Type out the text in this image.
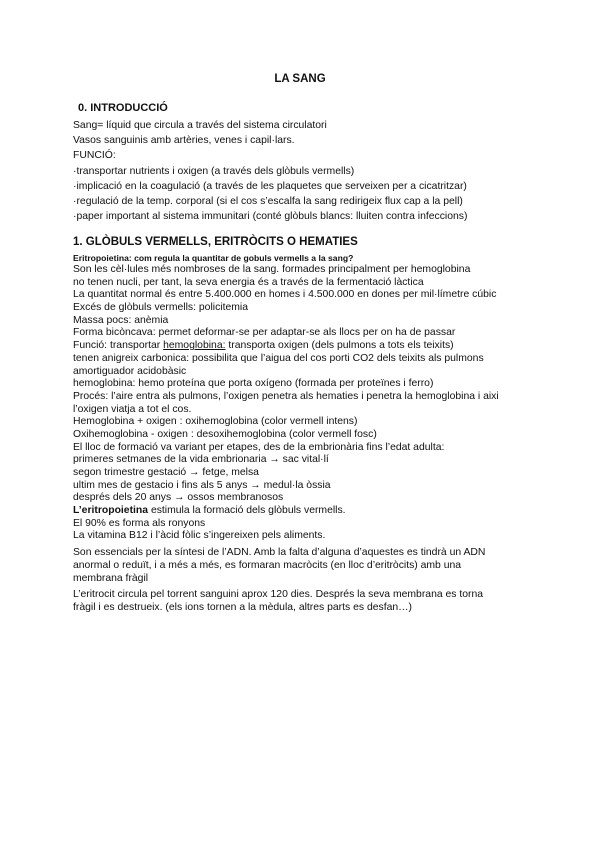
LA SANG
0. INTRODUCCIÓ
Sang= líquid que circula a través del sistema circulatori
Vasos sanguinis amb artèries, venes i capil·lars.
FUNCIÓ:
·transportar nutrients i oxigen (a través dels glòbuls vermells)
·implicació en la coagulació (a través de les plaquetes que serveixen per a cicatritzar)
·regulació de la temp. corporal (si el cos s’escalfa la sang redirigeix flux cap a la pell)
·paper important al sistema immunitari (conté glòbuls blancs: lluiten contra infeccions)
1. GLÒBULS VERMELLS, ERITRÒCITS O HEMATIES
Eritropoietina: com regula la quantitar de gobuls vermells a la sang?
Son les cèl·lules més nombroses de la sang. formades principalment per hemoglobina
no tenen nucli, per tant, la seva energia és a través de la fermentació làctica
La quantitat normal és entre 5.400.000 en homes i 4.500.000 en dones per mil·límetre cúbic
Excés de glòbuls vermells: policitemia
Massa pocs: anèmia
Forma bicòncava: permet deformar-se per adaptar-se als llocs per on ha de passar
Funció: transportar hemoglobina: transporta oxigen (dels pulmons a tots els teixits)
tenen anigreix carbonica: possibilita que l’aigua del cos porti CO2 dels teixits als pulmons
amortiguador acidobàsic
hemoglobina: hemo proteína que porta oxígeno (formada per proteïnes i ferro)
Procés: l’aire entra als pulmons, l’oxigen penetra als hematies i penetra la hemoglobina i aixi
l’oxigen viatja a tot el cos.
Hemoglobina + oxigen : oxihemoglobina (color vermell intens)
Oxihemoglobina - oxigen : desoxihemoglobina (color vermell fosc)
El lloc de formació va variant per etapes, des de la embrionària fins l’edat adulta:
primeres setmanes de la vida embrionaria → sac vital·lí
segon trimestre gestació → fetge, melsa
ultim mes de gestacio i fins als 5 anys → medul·la òssia
després dels 20 anys → ossos membranosos
L’eritropoietina estimula la formació dels glòbuls vermells.
El 90% es forma als ronyons
La vitamina B12 i l’àcid fòlic s’ingereixen pels aliments.
Son essencials per la síntesi de l’ADN. Amb la falta d’alguna d’aquestes es tindrà un ADN
anormal o reduït, i a més a més, es formaran macròcits (en lloc d’eritròcits) amb una
membrana fràgil
L’eritrocit circula pel torrent sanguini aprox 120 dies. Després la seva membrana es torna
fràgil i es destrueix. (els ions tornen a la mèdula, altres parts es desfan…)
